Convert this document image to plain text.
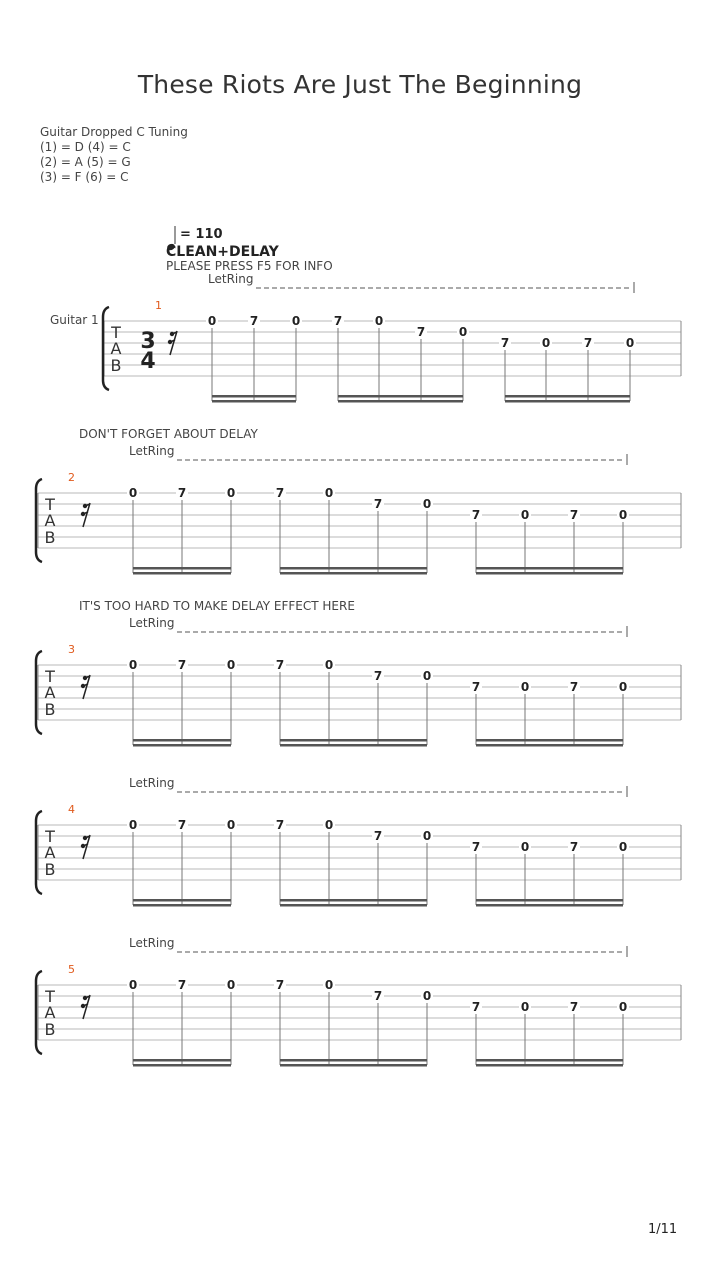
These Riots Are Just The Beginning
Guitar Dropped C Tuning
(1) = D (4) = C
(2) = A (5) = G
(3) = F (6) = C
= 110
CLEAN+DELAY
Guitar 1
PLEASE PRESS F5 FOR INFO
LetRing
T
A
B
1
3
4
0	7	0	7	0
7	0
7	0	7	0
DON'T FORGET ABOUT DELAY
LetRing
T
A
B
2
0	7	0	7	0
7	0
7	0	7	0
IT'S TOO HARD TO MAKE DELAY EFFECT HERE
LetRing
T
A
B
3
0	7	0	7	0
7	0
7	0	7	0
LetRing
T
A
B
4
0	7	0	7	0
7	0
7	0	7	0
LetRing
T
A
B
5
0	7	0	7	0
7	0
7	0	7	0
1/11
